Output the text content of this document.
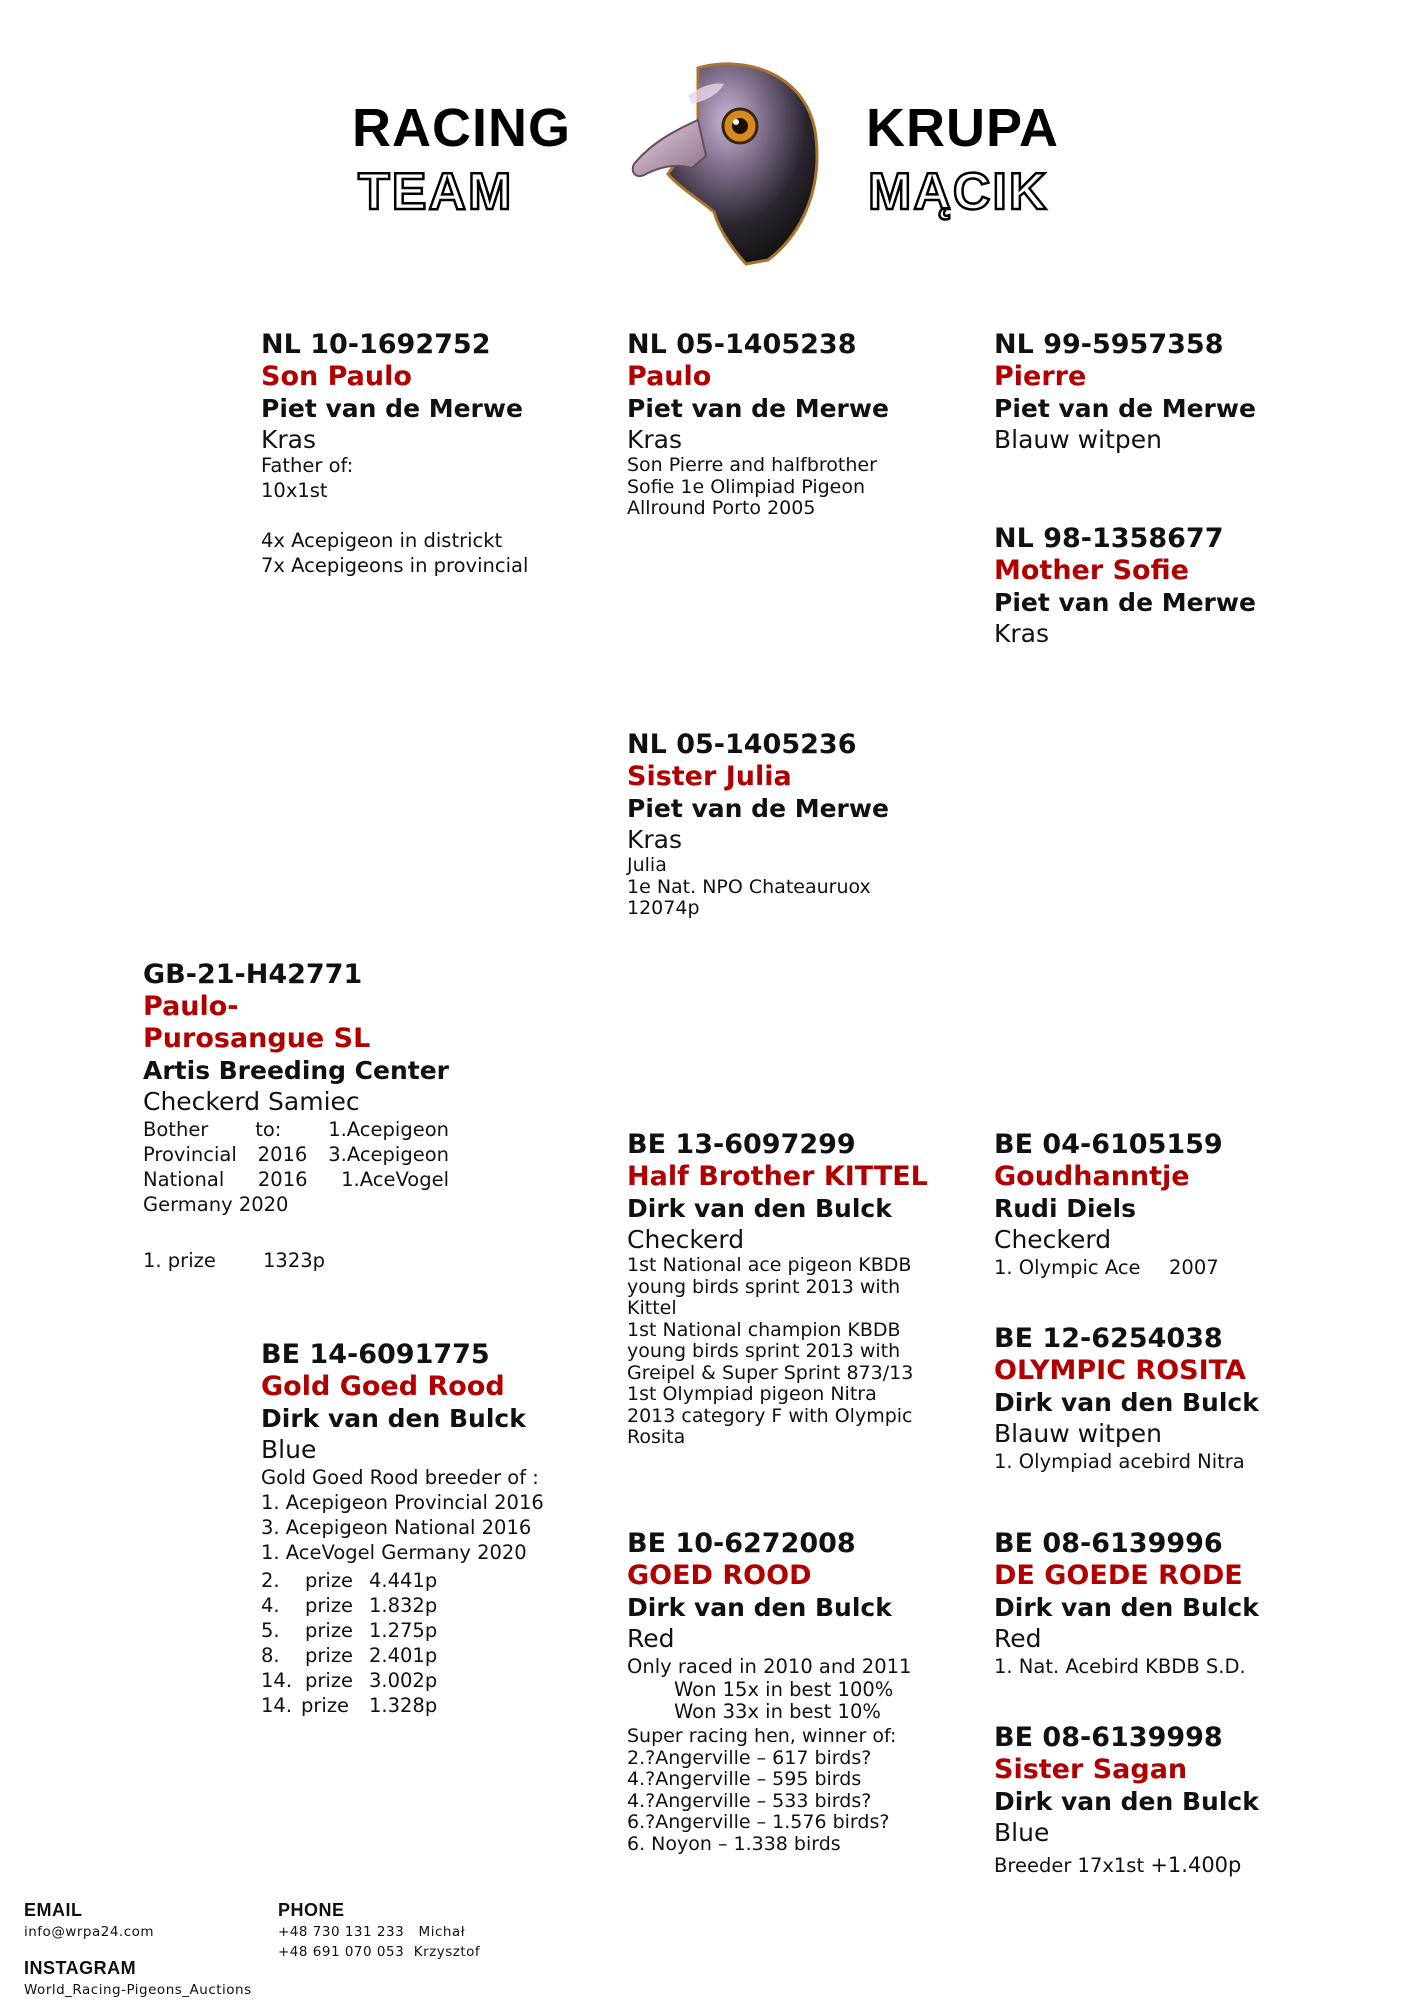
RACING
TEAM
KRUPA
MĄCIK
NL 10-1692752
Son Paulo
Piet van de Merwe
Kras
Father of:
10x1st
4x Acepigeon in districkt
7x Acepigeons in provincial
NL 05-1405238
Paulo
Piet van de Merwe
Kras
Son Pierre and halfbrother
Sofie 1e Olimpiad Pigeon
Allround Porto 2005
NL 99-5957358
Pierre
Piet van de Merwe
Blauw witpen
NL 98-1358677
Mother Sofie
Piet van de Merwe
Kras
NL 05-1405236
Sister Julia
Piet van de Merwe
Kras
Julia
1e Nat. NPO Chateauruox
12074p
GB-21-H42771  Paulo-
Purosangue SL
Artis Breeding Center
Checkerd Samiec
Bother to: 1.Acepigeon
Provincial 2016 3.Acepigeon
National 2016 1.AceVogel
Germany 2020
1. prize	1323p
BE 14-6091775
Gold Goed Rood
Dirk van den Bulck
Blue
Gold Goed Rood breeder of :
1. Acepigeon Provincial 2016
3. Acepigeon National 2016
1. AceVogel Germany 2020
2.	prize 4.441p
4.	prize 1.832p
5.	prize 1.275p
8.	prize 2.401p
14. prize 3.002p
14. prize	1.328p
BE 13-6097299
Half Brother KITTEL
Dirk van den Bulck
Checkerd
1st National ace pigeon KBDB
young birds sprint 2013 with
Kittel
1st National champion KBDB
young birds sprint 2013 with
Greipel & Super Sprint 873/13
1st Olympiad pigeon Nitra
2013 category F with Olympic
Rosita
BE 10-6272008
GOED ROOD
Dirk van den Bulck
Red
Only raced in 2010 and 2011
Won 15x in best 100%
Won 33x in best 10%
Super racing hen, winner of:
2.?Angerville – 617 birds?
4.?Angerville – 595 birds
4.?Angerville – 533 birds?
6.?Angerville – 1.576 birds?
6. Noyon – 1.338 birds
BE 04-6105159
Goudhanntje
Rudi Diels
Checkerd
1. Olympic Ace	2007
BE 12-6254038
OLYMPIC ROSITA
Dirk van den Bulck
Blauw witpen
1. Olympiad acebird Nitra
BE 08-6139996
DE GOEDE RODE
Dirk van den Bulck
Red
1. Nat. Acebird KBDB S.D.
BE 08-6139998
Sister Sagan
Dirk van den Bulck
Blue
Breeder 17x1st +1.400p
EMAIL
info@wrpa24.com
PHONE
+48 730 131 233 Michał
+48 691 070 053 Krzysztof
INSTAGRAM
World_Racing-Pigeons_Auctions
